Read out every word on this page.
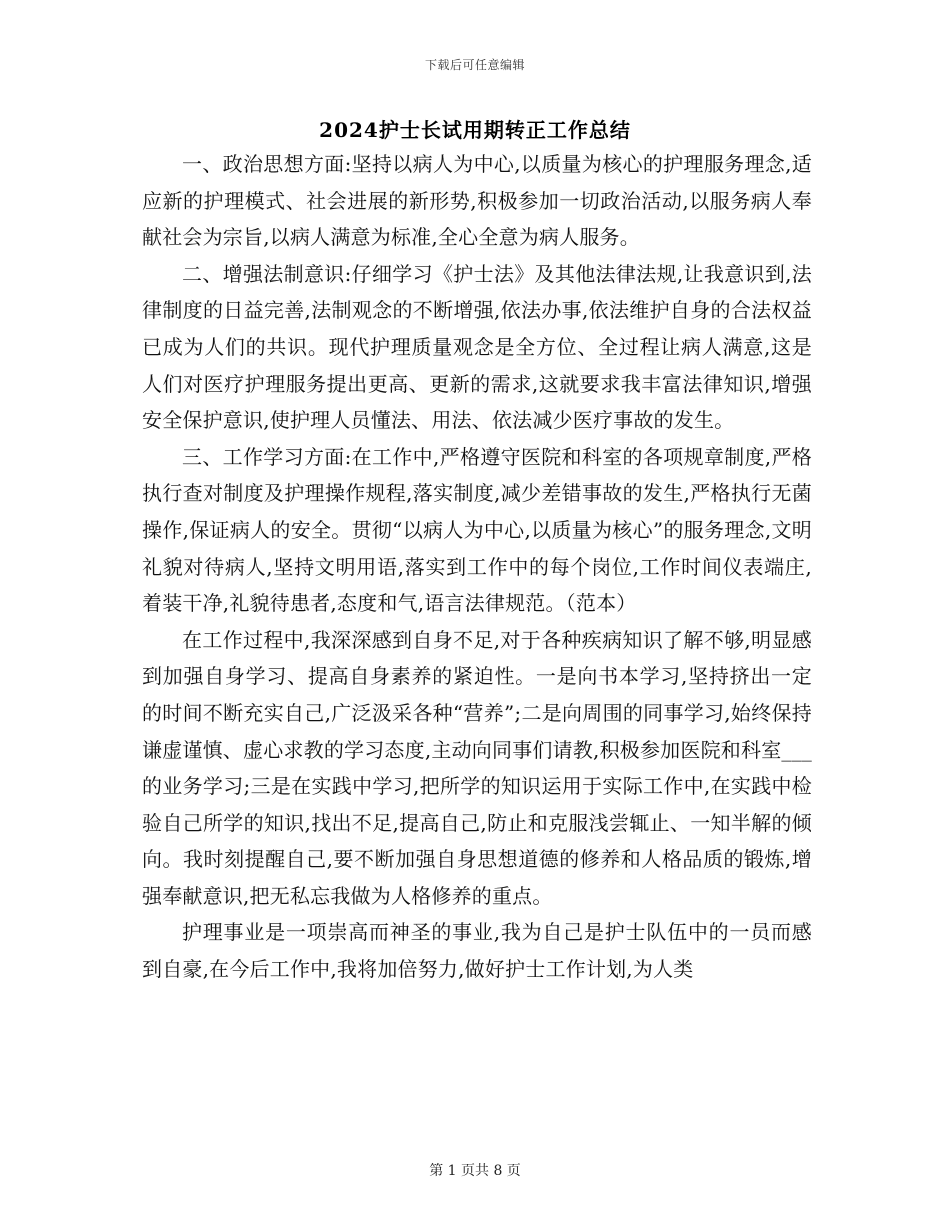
下载后可任意编辑
2024护士长试用期转正工作总结

一、政治思想方面:坚持以病人为中心,以质量为核心的护理服务理念,适应新的护理模式、社会进展的新形势,积极参加一切政治活动,以服务病人奉献社会为宗旨,以病人满意为标准,全心全意为病人服务。

二、增强法制意识:仔细学习《护士法》及其他法律法规,让我意识到,法律制度的日益完善,法制观念的不断增强,依法办事,依法维护自身的合法权益已成为人们的共识。现代护理质量观念是全方位、全过程让病人满意,这是人们对医疗护理服务提出更高、更新的需求,这就要求我丰富法律知识,增强安全保护意识,使护理人员懂法、用法、依法减少医疗事故的发生。

三、工作学习方面:在工作中,严格遵守医院和科室的各项规章制度,严格执行查对制度及护理操作规程,落实制度,减少差错事故的发生,严格执行无菌操作,保证病人的安全。贯彻“以病人为中心,以质量为核心”的服务理念,文明礼貌对待病人,坚持文明用语,落实到工作中的每个岗位,工作时间仪表端庄,着装干净,礼貌待患者,态度和气,语言法律规范。（范本）

在工作过程中,我深深感到自身不足,对于各种疾病知识了解不够,明显感到加强自身学习、提高自身素养的紧迫性。一是向书本学习,坚持挤出一定的时间不断充实自己,广泛汲采各种“营养”;二是向周围的同事学习,始终保持谦虚谨慎、虚心求教的学习态度,主动向同事们请教,积极参加医院和科室___的业务学习;三是在实践中学习,把所学的知识运用于实际工作中,在实践中检验自己所学的知识,找出不足,提高自己,防止和克服浅尝辄止、一知半解的倾向。我时刻提醒自己,要不断加强自身思想道德的修养和人格品质的锻炼,增强奉献意识,把无私忘我做为人格修养的重点。

护理事业是一项崇高而神圣的事业,我为自己是护士队伍中的一员而感到自豪,在今后工作中,我将加倍努力,做好护士工作计划,为人类

第 1 页共 8 页
